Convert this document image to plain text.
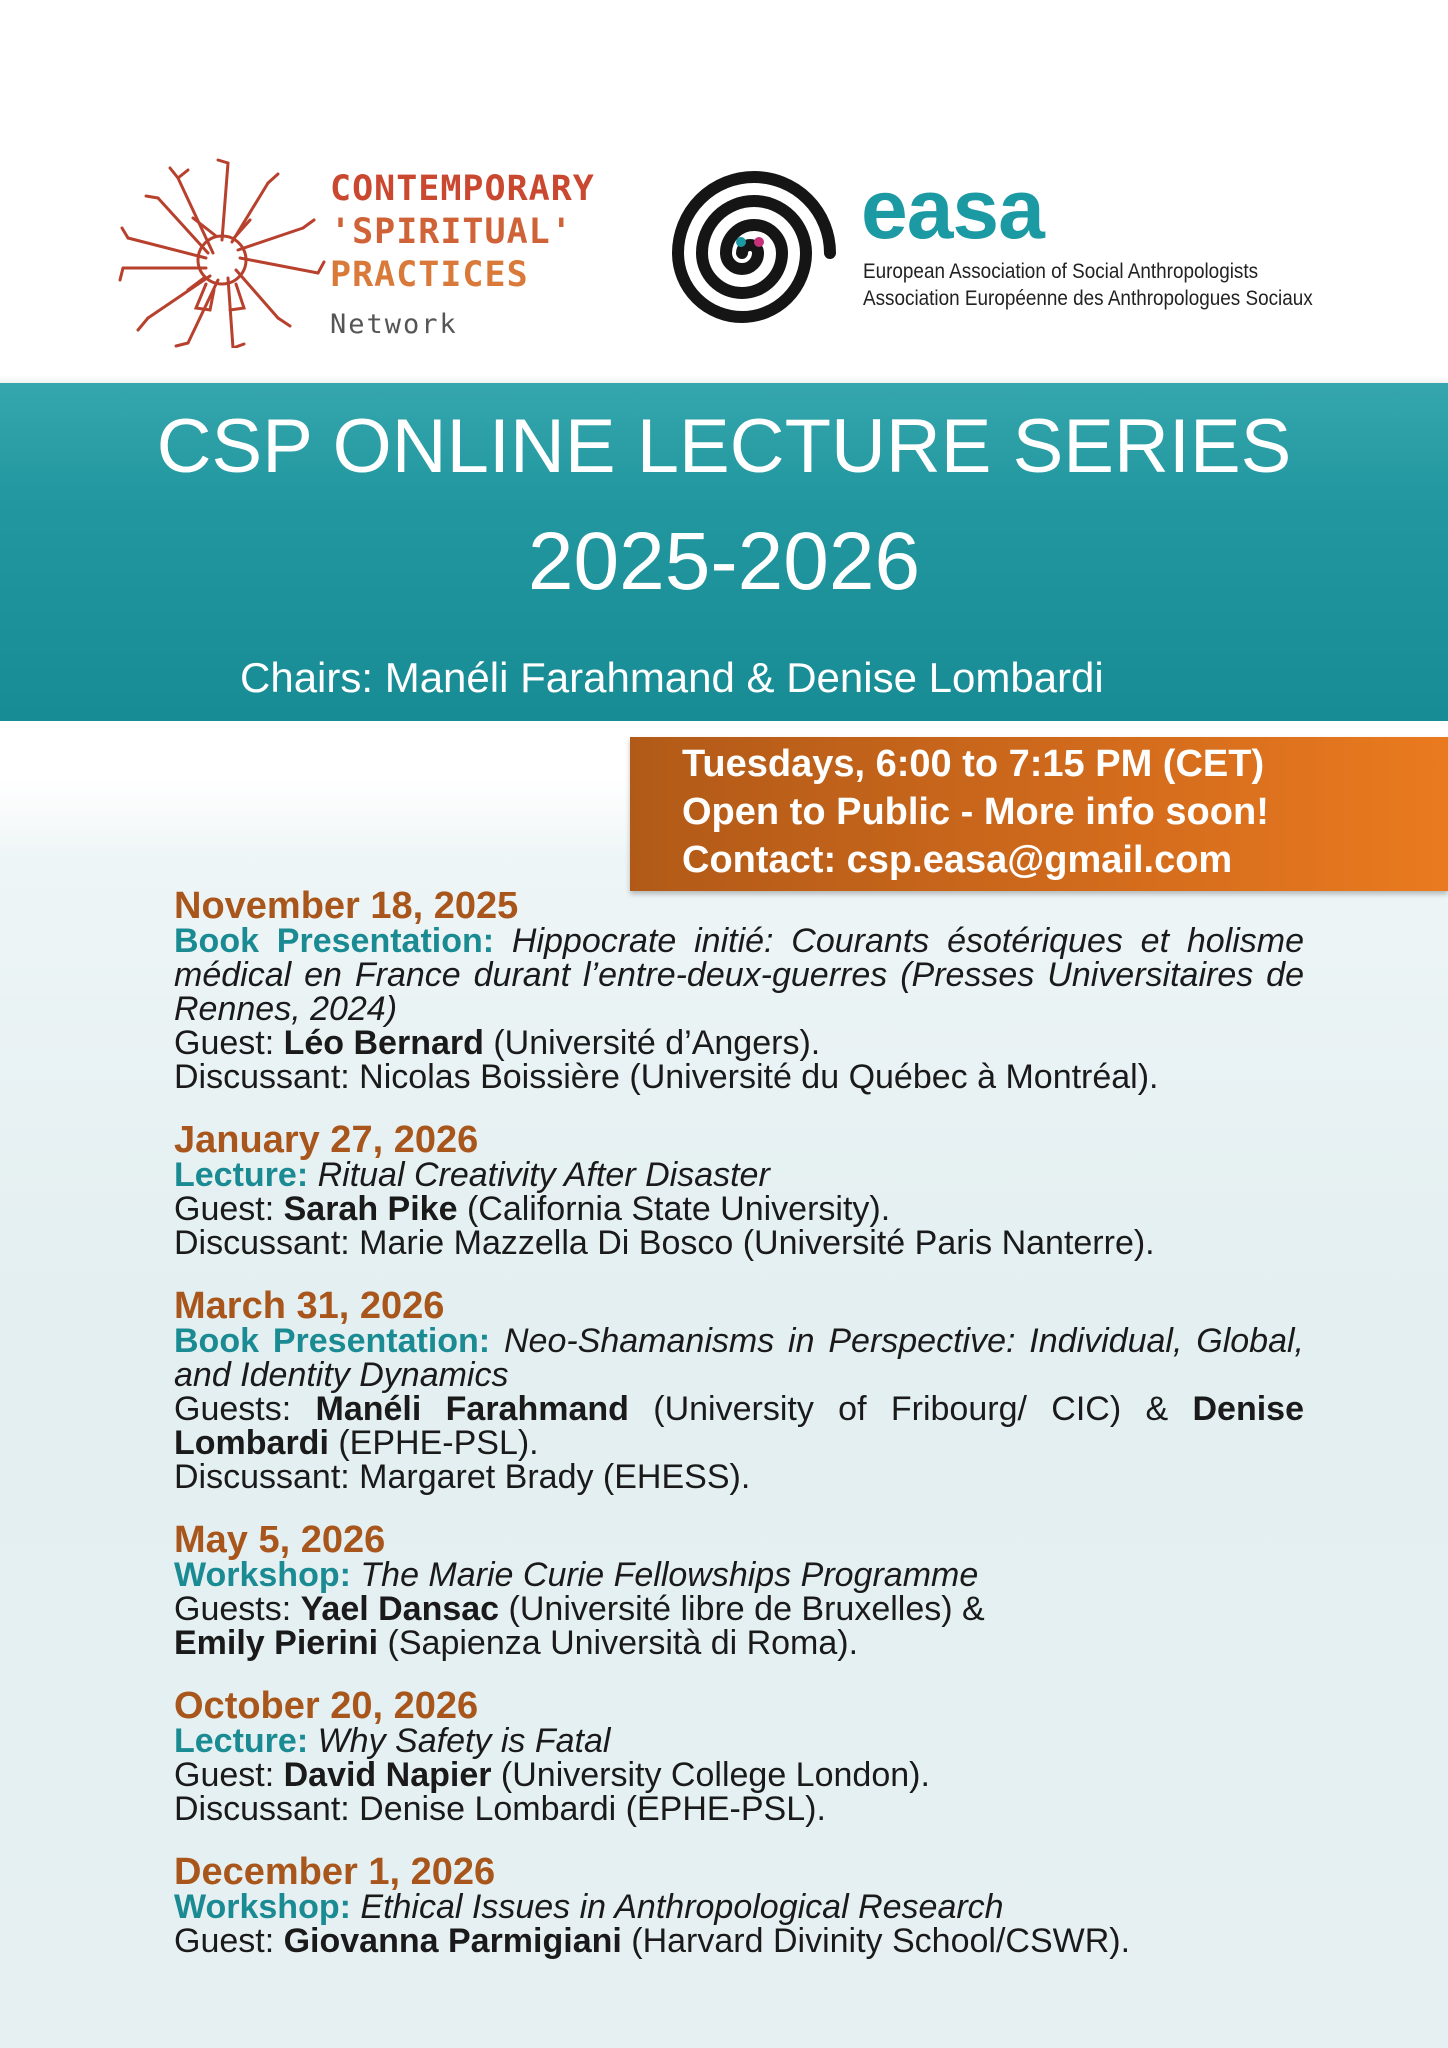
CONTEMPORARY
'SPIRITUAL'
PRACTICES
Network
easa
European Association of Social Anthropologists
Association Européenne des Anthropologues Sociaux
CSP ONLINE LECTURE SERIES
2025-2026
Chairs: Manéli Farahmand & Denise Lombardi
Tuesdays, 6:00 to 7:15 PM (CET)
Open to Public - More info soon!
Contact: csp.easa@gmail.com
November 18, 2025
Book Presentation: Hippocrate initié: Courants ésotériques et holisme médical en France durant l’entre-deux-guerres (Presses Universitaires de Rennes, 2024)
Guest: Léo Bernard (Université d’Angers).
Discussant: Nicolas Boissière (Université du Québec à Montréal).
January 27, 2026
Lecture: Ritual Creativity After Disaster
Guest: Sarah Pike (California State University).
Discussant: Marie Mazzella Di Bosco (Université Paris Nanterre).
March 31, 2026
Book Presentation: Neo-Shamanisms in Perspective: Individual, Global, and Identity Dynamics
Guests: Manéli Farahmand (University of Fribourg/ CIC) & Denise Lombardi (EPHE-PSL).
Discussant: Margaret Brady (EHESS).
May 5, 2026
Workshop: The Marie Curie Fellowships Programme
Guests: Yael Dansac (Université libre de Bruxelles) &
Emily Pierini (Sapienza Università di Roma).
October 20, 2026
Lecture: Why Safety is Fatal
Guest: David Napier (University College London).
Discussant: Denise Lombardi (EPHE-PSL).
December 1, 2026
Workshop: Ethical Issues in Anthropological Research
Guest: Giovanna Parmigiani (Harvard Divinity School/CSWR).
